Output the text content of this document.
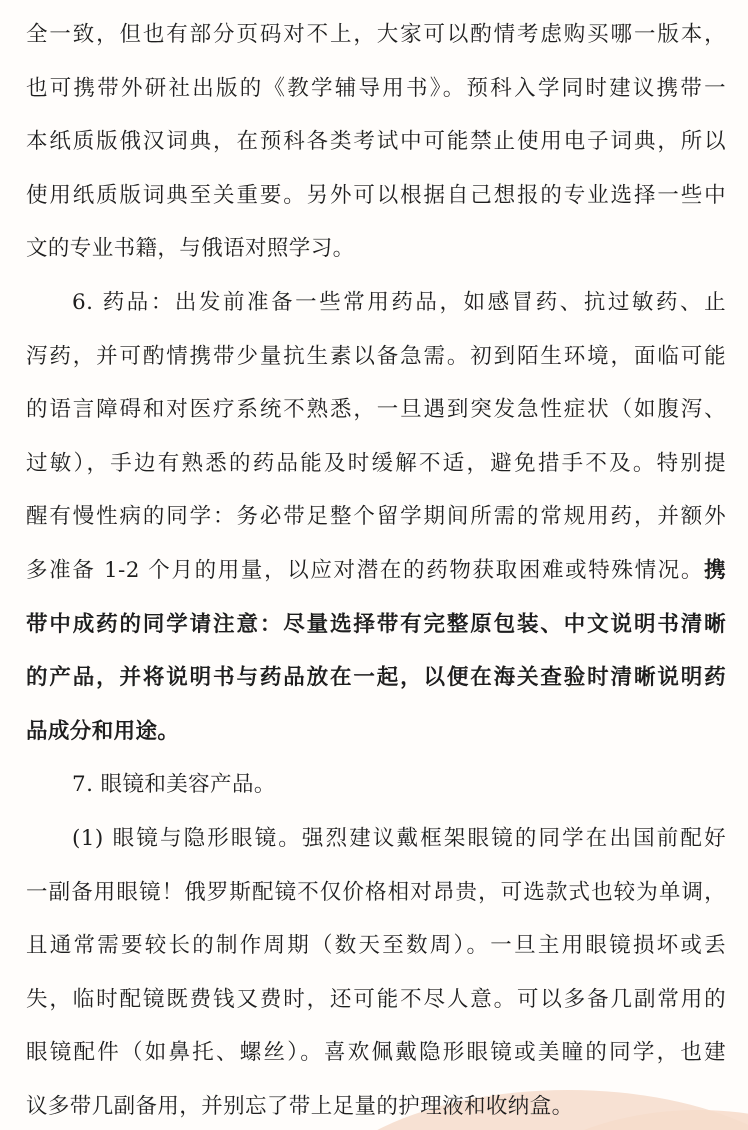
全一致，但也有部分页码对不上，大家可以酌情考虑购买哪一版本，
也可携带外研社出版的《教学辅导用书》。预科入学同时建议携带一
本纸质版俄汉词典，在预科各类考试中可能禁止使用电子词典，所以
使用纸质版词典至关重要。另外可以根据自己想报的专业选择一些中
文的专业书籍，与俄语对照学习。
6. 药品：出发前准备一些常用药品，如感冒药、抗过敏药、止
泻药，并可酌情携带少量抗生素以备急需。初到陌生环境，面临可能
的语言障碍和对医疗系统不熟悉，一旦遇到突发急性症状（如腹泻、
过敏），手边有熟悉的药品能及时缓解不适，避免措手不及。特别提
醒有慢性病的同学：务必带足整个留学期间所需的常规用药，并额外
多准备 1-2 个月的用量，以应对潜在的药物获取困难或特殊情况。携
带中成药的同学请注意：尽量选择带有完整原包装、中文说明书清晰
的产品，并将说明书与药品放在一起，以便在海关查验时清晰说明药
品成分和用途。
7. 眼镜和美容产品。
(1) 眼镜与隐形眼镜。强烈建议戴框架眼镜的同学在出国前配好
一副备用眼镜！俄罗斯配镜不仅价格相对昂贵，可选款式也较为单调，
且通常需要较长的制作周期（数天至数周）。一旦主用眼镜损坏或丢
失，临时配镜既费钱又费时，还可能不尽人意。可以多备几副常用的
眼镜配件（如鼻托、螺丝）。喜欢佩戴隐形眼镜或美瞳的同学，也建
议多带几副备用，并别忘了带上足量的护理液和收纳盒。
